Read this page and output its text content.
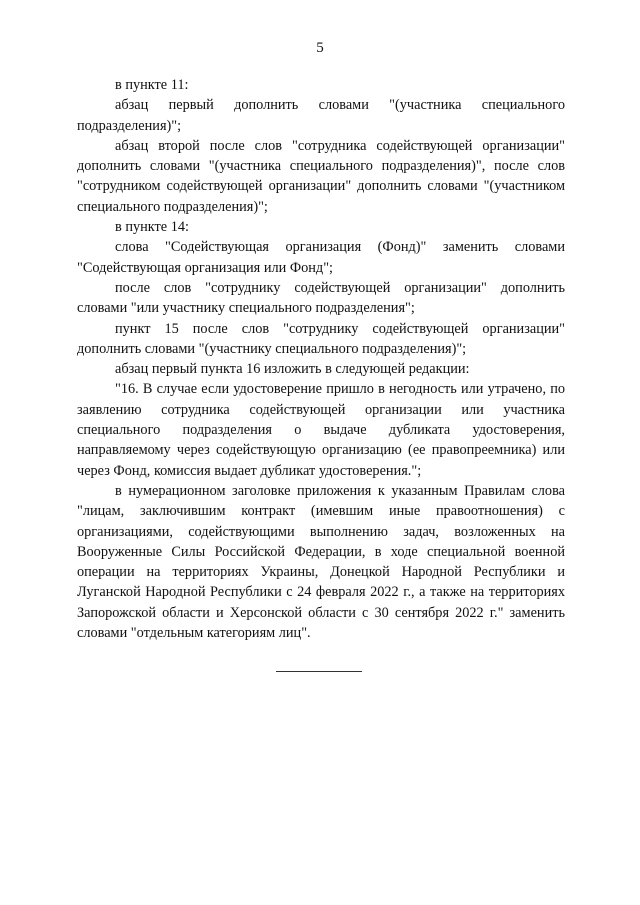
5

в пункте 11:

абзац первый дополнить словами "(участника специального подразделения)";

абзац второй после слов "сотрудника содействующей организации" дополнить словами "(участника специального подразделения)", после слов "сотрудником содействующей организации" дополнить словами "(участником специального подразделения)";

в пункте 14:

слова "Содействующая организация (Фонд)" заменить словами "Содействующая организация или Фонд";

после слов "сотруднику содействующей организации" дополнить словами "или участнику специального подразделения";

пункт 15 после слов "сотруднику содействующей организации" дополнить словами "(участнику специального подразделения)";

абзац первый пункта 16 изложить в следующей редакции:

"16. В случае если удостоверение пришло в негодность или утрачено, по заявлению сотрудника содействующей организации или участника специального подразделения о выдаче дубликата удостоверения, направляемому через содействующую организацию (ее правопреемника) или через Фонд, комиссия выдает дубликат удостоверения.";

в нумерационном заголовке приложения к указанным Правилам слова "лицам, заключившим контракт (имевшим иные правоотношения) с организациями, содействующими выполнению задач, возложенных на Вооруженные Силы Российской Федерации, в ходе специальной военной операции на территориях Украины, Донецкой Народной Республики и Луганской Народной Республики с 24 февраля 2022 г., а также на территориях Запорожской области и Херсонской области с 30 сентября 2022 г." заменить словами "отдельным категориям лиц".
